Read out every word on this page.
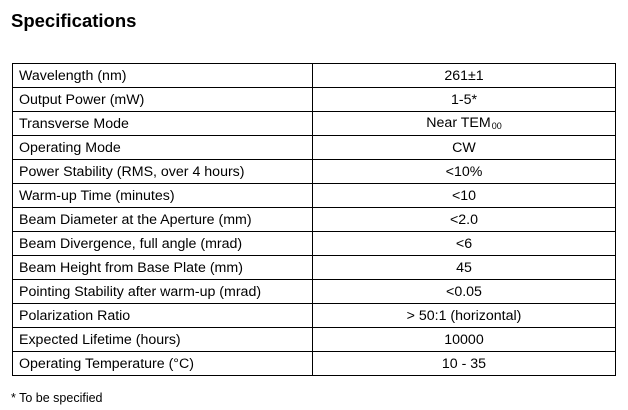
Specifications
Wavelength (nm)	261±1
Output Power (mW)	1-5*
Transverse Mode	Near TEM00
Operating Mode	CW
Power Stability (RMS, over 4 hours)	<10%
Warm-up Time (minutes)	<10
Beam Diameter at the Aperture (mm)	<2.0
Beam Divergence, full angle (mrad)	<6
Beam Height from Base Plate (mm)	45
Pointing Stability after warm-up (mrad)	<0.05
Polarization Ratio	> 50:1 (horizontal)
Expected Lifetime (hours)	10000
Operating Temperature (°C)	10 - 35

* To be specified
